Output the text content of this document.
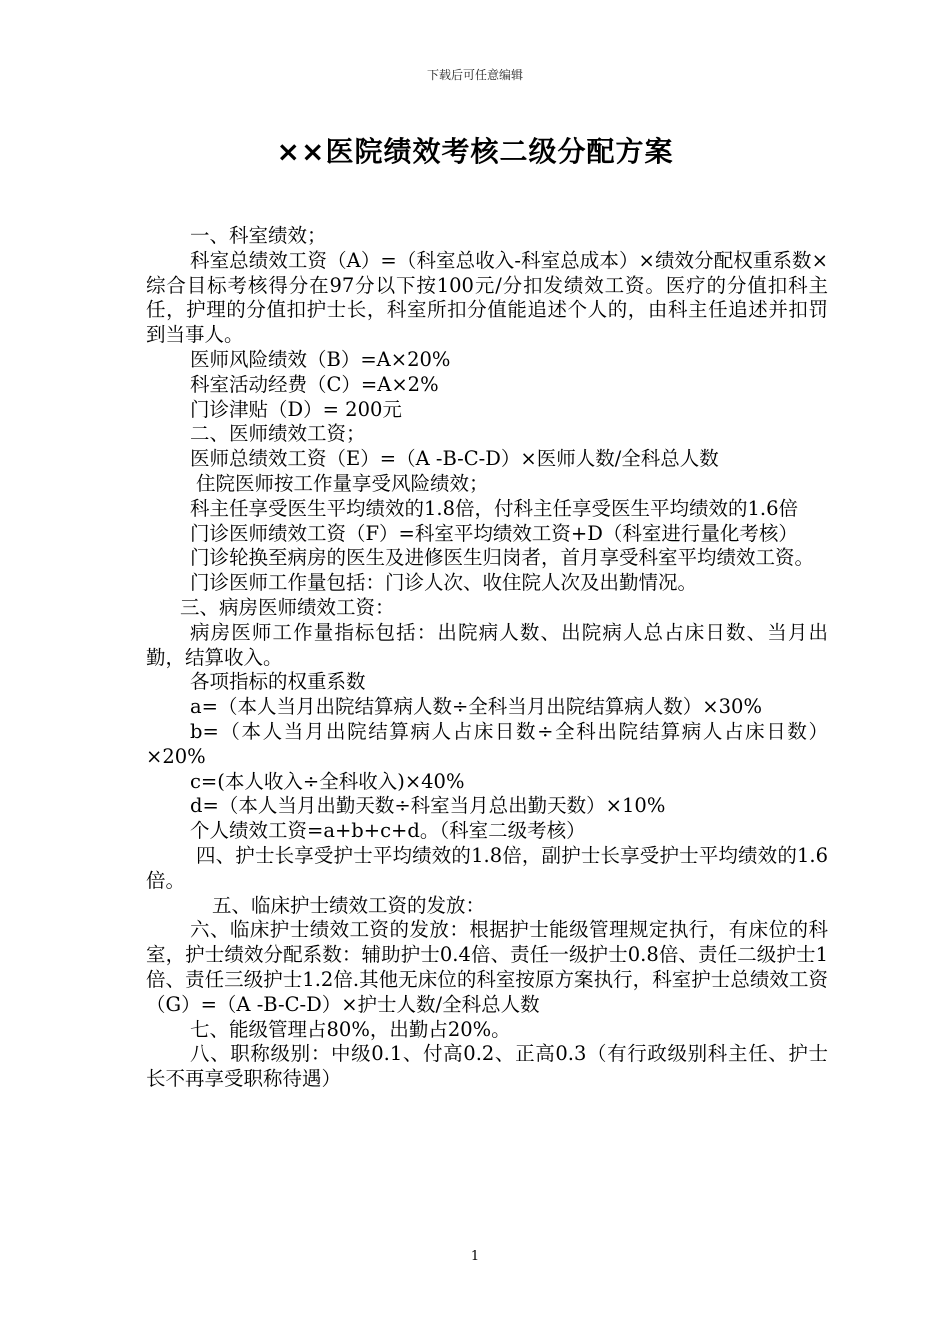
下载后可任意编辑
××医院绩效考核二级分配方案

一、科室绩效；

科室总绩效工资（A）=（科室总收入-科室总成本）×绩效分配权重系数×综合目标考核得分在97分以下按100元/分扣发绩效工资。医疗的分值扣科主任，护理的分值扣护士长，科室所扣分值能追述个人的，由科主任追述并扣罚到当事人。

医师风险绩效（B）=A×20%

科室活动经费（C）=A×2%

门诊津贴（D）= 200元

二、医师绩效工资；

医师总绩效工资（E）=（A -B-C-D）×医师人数/全科总人数

住院医师按工作量享受风险绩效；

科主任享受医生平均绩效的1.8倍，付科主任享受医生平均绩效的1.6倍

门诊医师绩效工资（F）=科室平均绩效工资+D（科室进行量化考核）

门诊轮换至病房的医生及进修医生归岗者，首月享受科室平均绩效工资。

门诊医师工作量包括：门诊人次、收住院人次及出勤情况。

三、病房医师绩效工资：

病房医师工作量指标包括：出院病人数、出院病人总占床日数、当月出勤，结算收入。

各项指标的权重系数

a=（本人当月出院结算病人数÷全科当月出院结算病人数）×30%

b=（本人当月出院结算病人占床日数÷全科出院结算病人占床日数）×20%

c=(本人收入÷全科收入)×40%

d=（本人当月出勤天数÷科室当月总出勤天数）×10%

个人绩效工资=a+b+c+d。（科室二级考核）

四、护士长享受护士平均绩效的1.8倍，副护士长享受护士平均绩效的1.6倍。

五、临床护士绩效工资的发放：

六、临床护士绩效工资的发放：根据护士能级管理规定执行，有床位的科室，护士绩效分配系数：辅助护士0.4倍、责任一级护士0.8倍、责任二级护士1倍、责任三级护士1.2倍.其他无床位的科室按原方案执行，科室护士总绩效工资（G）=（A -B-C-D）×护士人数/全科总人数

七、能级管理占80%，出勤占20%。

八、职称级别：中级0.1、付高0.2、正高0.3（有行政级别科主任、护士长不再享受职称待遇）

1
